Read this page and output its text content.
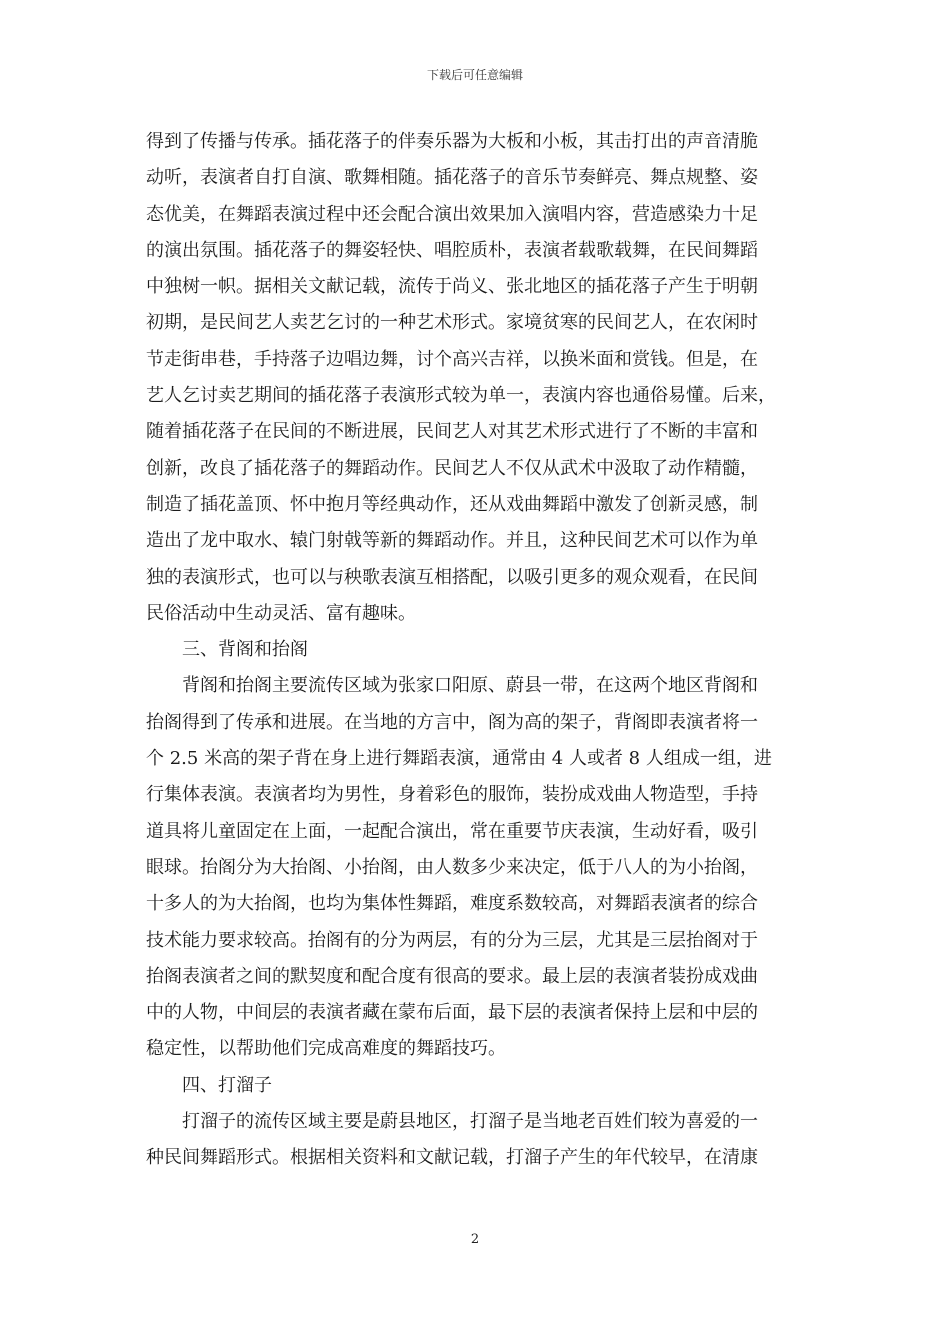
下载后可任意编辑
得到了传播与传承。插花落子的伴奏乐器为大板和小板，其击打出的声音清脆
动听，表演者自打自演、歌舞相随。插花落子的音乐节奏鲜亮、舞点规整、姿
态优美，在舞蹈表演过程中还会配合演出效果加入演唱内容，营造感染力十足
的演出氛围。插花落子的舞姿轻快、唱腔质朴，表演者载歌载舞，在民间舞蹈
中独树一帜。据相关文献记载，流传于尚义、张北地区的插花落子产生于明朝
初期，是民间艺人卖艺乞讨的一种艺术形式。家境贫寒的民间艺人，在农闲时
节走街串巷，手持落子边唱边舞，讨个高兴吉祥，以换米面和赏钱。但是，在
艺人乞讨卖艺期间的插花落子表演形式较为单一，表演内容也通俗易懂。后来，
随着插花落子在民间的不断进展，民间艺人对其艺术形式进行了不断的丰富和
创新，改良了插花落子的舞蹈动作。民间艺人不仅从武术中汲取了动作精髓，
制造了插花盖顶、怀中抱月等经典动作，还从戏曲舞蹈中激发了创新灵感，制
造出了龙中取水、辕门射戟等新的舞蹈动作。并且，这种民间艺术可以作为单
独的表演形式，也可以与秧歌表演互相搭配，以吸引更多的观众观看，在民间
民俗活动中生动灵活、富有趣味。
三、背阁和抬阁
背阁和抬阁主要流传区域为张家口阳原、蔚县一带，在这两个地区背阁和
抬阁得到了传承和进展。在当地的方言中，阁为高的架子，背阁即表演者将一
个 2.5 米高的架子背在身上进行舞蹈表演，通常由 4 人或者 8 人组成一组，进
行集体表演。表演者均为男性，身着彩色的服饰，装扮成戏曲人物造型，手持
道具将儿童固定在上面，一起配合演出，常在重要节庆表演，生动好看，吸引
眼球。抬阁分为大抬阁、小抬阁，由人数多少来决定，低于八人的为小抬阁，
十多人的为大抬阁，也均为集体性舞蹈，难度系数较高，对舞蹈表演者的综合
技术能力要求较高。抬阁有的分为两层，有的分为三层，尤其是三层抬阁对于
抬阁表演者之间的默契度和配合度有很高的要求。最上层的表演者装扮成戏曲
中的人物，中间层的表演者藏在蒙布后面，最下层的表演者保持上层和中层的
稳定性，以帮助他们完成高难度的舞蹈技巧。
四、打溜子
打溜子的流传区域主要是蔚县地区，打溜子是当地老百姓们较为喜爱的一
种民间舞蹈形式。根据相关资料和文献记载，打溜子产生的年代较早，在清康
2
